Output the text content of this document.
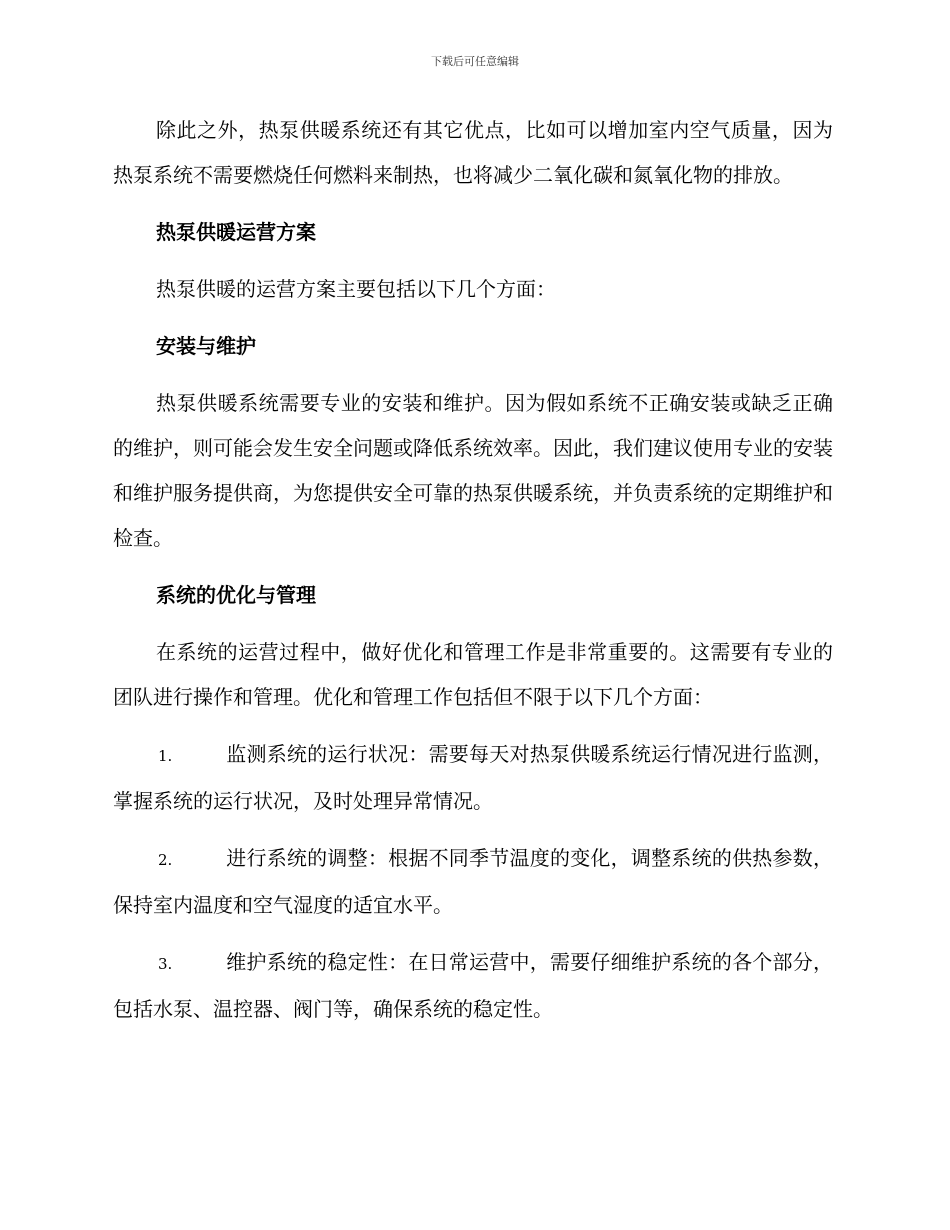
下载后可任意编辑

除此之外，热泵供暖系统还有其它优点，比如可以增加室内空气质量，因为热泵系统不需要燃烧任何燃料来制热，也将减少二氧化碳和氮氧化物的排放。

热泵供暖运营方案

热泵供暖的运营方案主要包括以下几个方面：

安装与维护

热泵供暖系统需要专业的安装和维护。因为假如系统不正确安装或缺乏正确的维护，则可能会发生安全问题或降低系统效率。因此，我们建议使用专业的安装和维护服务提供商，为您提供安全可靠的热泵供暖系统，并负责系统的定期维护和检查。

系统的优化与管理

在系统的运营过程中，做好优化和管理工作是非常重要的。这需要有专业的团队进行操作和管理。优化和管理工作包括但不限于以下几个方面：

1.	监测系统的运行状况：需要每天对热泵供暖系统运行情况进行监测，掌握系统的运行状况，及时处理异常情况。

2.	进行系统的调整：根据不同季节温度的变化，调整系统的供热参数，保持室内温度和空气湿度的适宜水平。

3.	维护系统的稳定性：在日常运营中，需要仔细维护系统的各个部分，包括水泵、温控器、阀门等，确保系统的稳定性。
